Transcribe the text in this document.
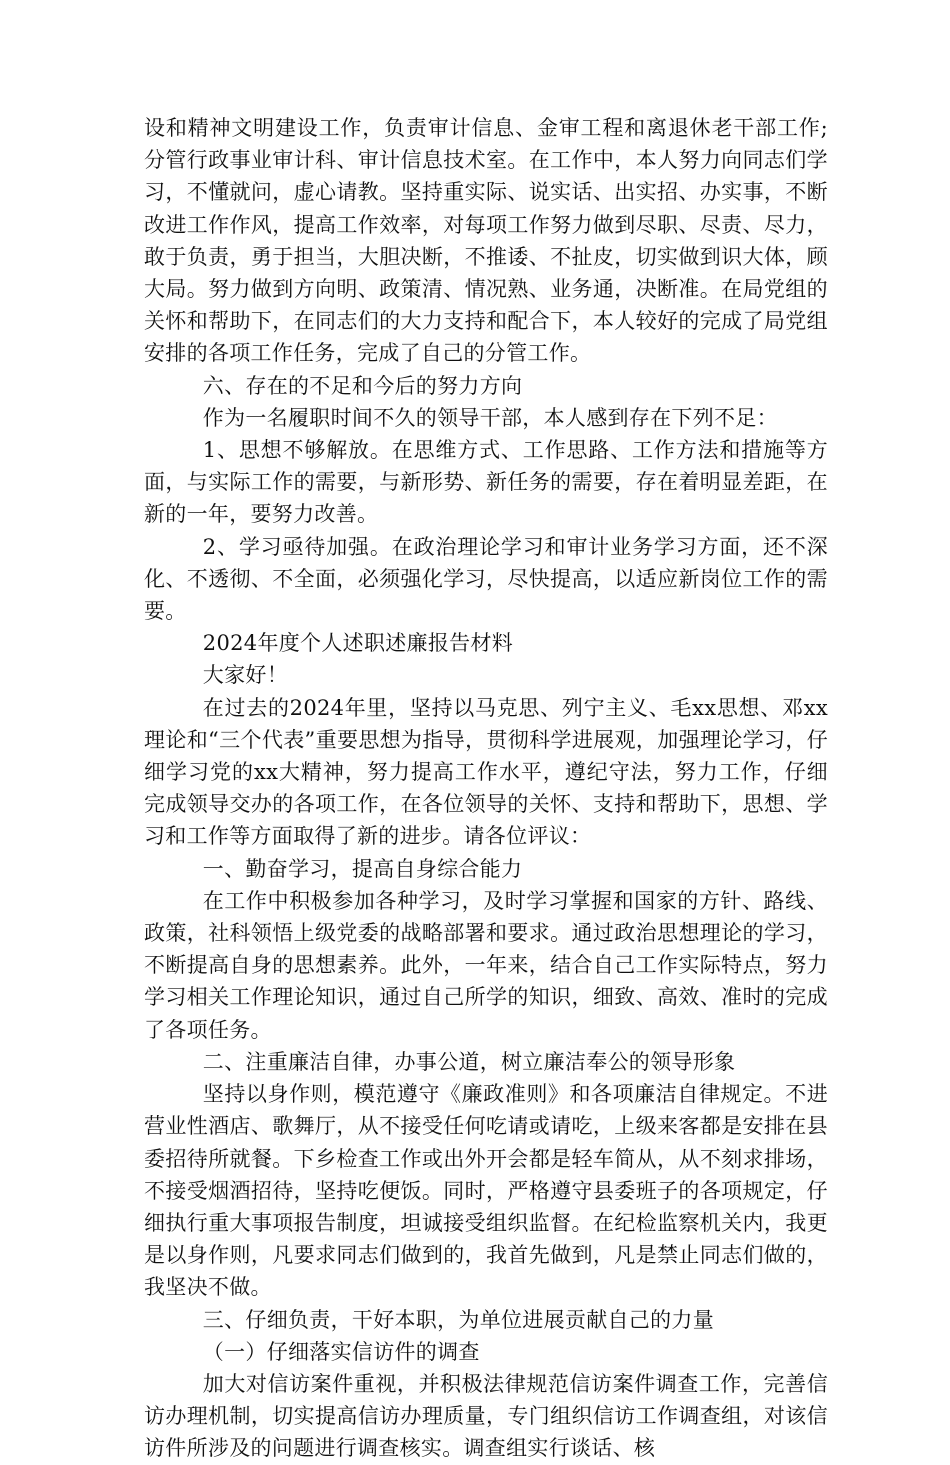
设和精神文明建设工作，负责审计信息、金审工程和离退休老干部工作;分管行政事业审计科、审计信息技术室。在工作中，本人努力向同志们学习，不懂就问，虚心请教。坚持重实际、说实话、出实招、办实事，不断改进工作作风，提高工作效率，对每项工作努力做到尽职、尽责、尽力，敢于负责，勇于担当，大胆决断，不推诿、不扯皮，切实做到识大体，顾大局。努力做到方向明、政策清、情况熟、业务通，决断准。在局党组的关怀和帮助下，在同志们的大力支持和配合下，本人较好的完成了局党组安排的各项工作任务，完成了自己的分管工作。

六、存在的不足和今后的努力方向

作为一名履职时间不久的领导干部，本人感到存在下列不足：

1、思想不够解放。在思维方式、工作思路、工作方法和措施等方面，与实际工作的需要，与新形势、新任务的需要，存在着明显差距，在新的一年，要努力改善。

2、学习亟待加强。在政治理论学习和审计业务学习方面，还不深化、不透彻、不全面，必须强化学习，尽快提高，以适应新岗位工作的需要。

2024年度个人述职述廉报告材料

大家好！

在过去的2024年里，坚持以马克思、列宁主义、毛xx思想、邓xx理论和“三个代表”重要思想为指导，贯彻科学进展观，加强理论学习，仔细学习党的xx大精神，努力提高工作水平，遵纪守法，努力工作，仔细完成领导交办的各项工作，在各位领导的关怀、支持和帮助下，思想、学习和工作等方面取得了新的进步。请各位评议：

一、勤奋学习，提高自身综合能力

在工作中积极参加各种学习，及时学习掌握和国家的方针、路线、政策，社科领悟上级党委的战略部署和要求。通过政治思想理论的学习，不断提高自身的思想素养。此外，一年来，结合自己工作实际特点，努力学习相关工作理论知识，通过自己所学的知识，细致、高效、准时的完成了各项任务。

二、注重廉洁自律，办事公道，树立廉洁奉公的领导形象

坚持以身作则，模范遵守《廉政准则》和各项廉洁自律规定。不进营业性酒店、歌舞厅，从不接受任何吃请或请吃，上级来客都是安排在县委招待所就餐。下乡检查工作或出外开会都是轻车简从，从不刻求排场，不接受烟酒招待，坚持吃便饭。同时，严格遵守县委班子的各项规定，仔细执行重大事项报告制度，坦诚接受组织监督。在纪检监察机关内，我更是以身作则，凡要求同志们做到的，我首先做到，凡是禁止同志们做的，我坚决不做。

三、仔细负责，干好本职，为单位进展贡献自己的力量

（一）仔细落实信访件的调查

加大对信访案件重视，并积极法律规范信访案件调查工作，完善信访办理机制，切实提高信访办理质量，专门组织信访工作调查组，对该信访件所涉及的问题进行调查核实。调查组实行谈话、核
